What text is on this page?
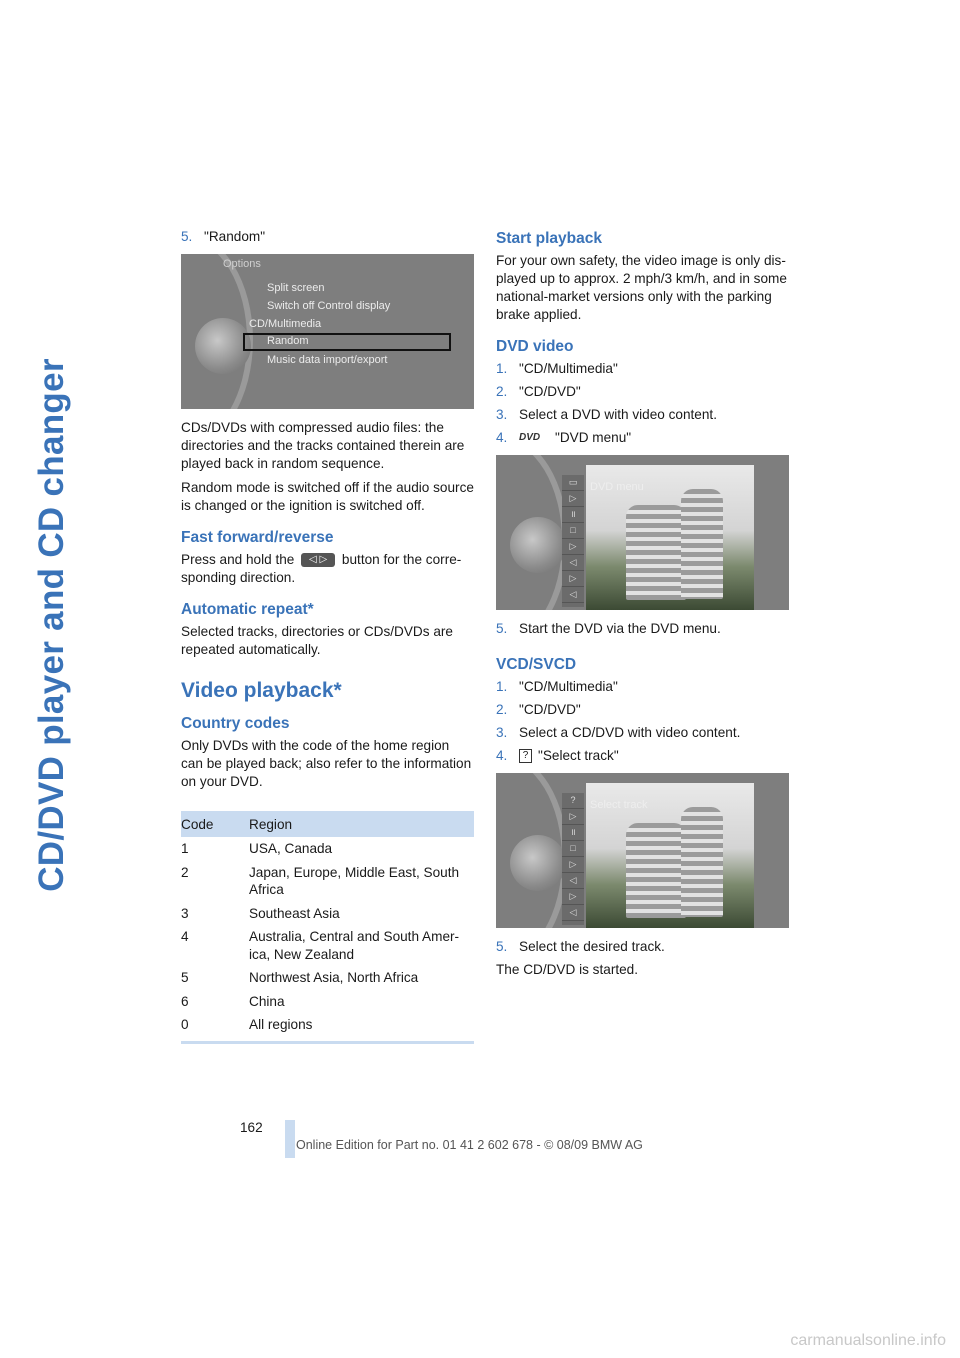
CD/DVD player and CD changer
5. "Random"
Options
Split screen
Switch off Control display
CD/Multimedia
Random
Music data import/export

CDs/DVDs with compressed audio files: the directories and the tracks contained therein are played back in random sequence.

Random mode is switched off if the audio source is changed or the ignition is switched off.

Fast forward/reverse

Press and hold the ◁ ▷ button for the corre-sponding direction.

Automatic repeat*

Selected tracks, directories or CDs/DVDs are repeated automatically.

Video playback*
Country codes

Only DVDs with the code of the home region can be played back; also refer to the information on your DVD.

Code	Region
1	USA, Canada
2	Japan, Europe, Middle East, South Africa
3	Southeast Asia
4	Australia, Central and South Amer-ica, New Zealand
5	Northwest Asia, North Africa
6	China
0	All regions
Start playback

For your own safety, the video image is only dis-played up to approx. 2 mph/3 km/h, and in some national-market versions only with the parking brake applied.

DVD video
1. "CD/Multimedia"
2. "CD/DVD"
3. Select a DVD with video content.
4.	DVD	"DVD menu"
▭
▷
॥
□
▷
◁
▷
◁
DVD menu
5. Start the DVD via the DVD menu.
VCD/SVCD
1. "CD/Multimedia"
2. "CD/DVD"
3. Select a CD/DVD with video content.
4.	? "Select track"
?
▷
॥
□
▷
◁
▷
◁
Select track
5. Select the desired track.

The CD/DVD is started.

162
Online Edition for Part no. 01 41 2 602 678 - © 08/09 BMW AG
carmanualsonline.info
